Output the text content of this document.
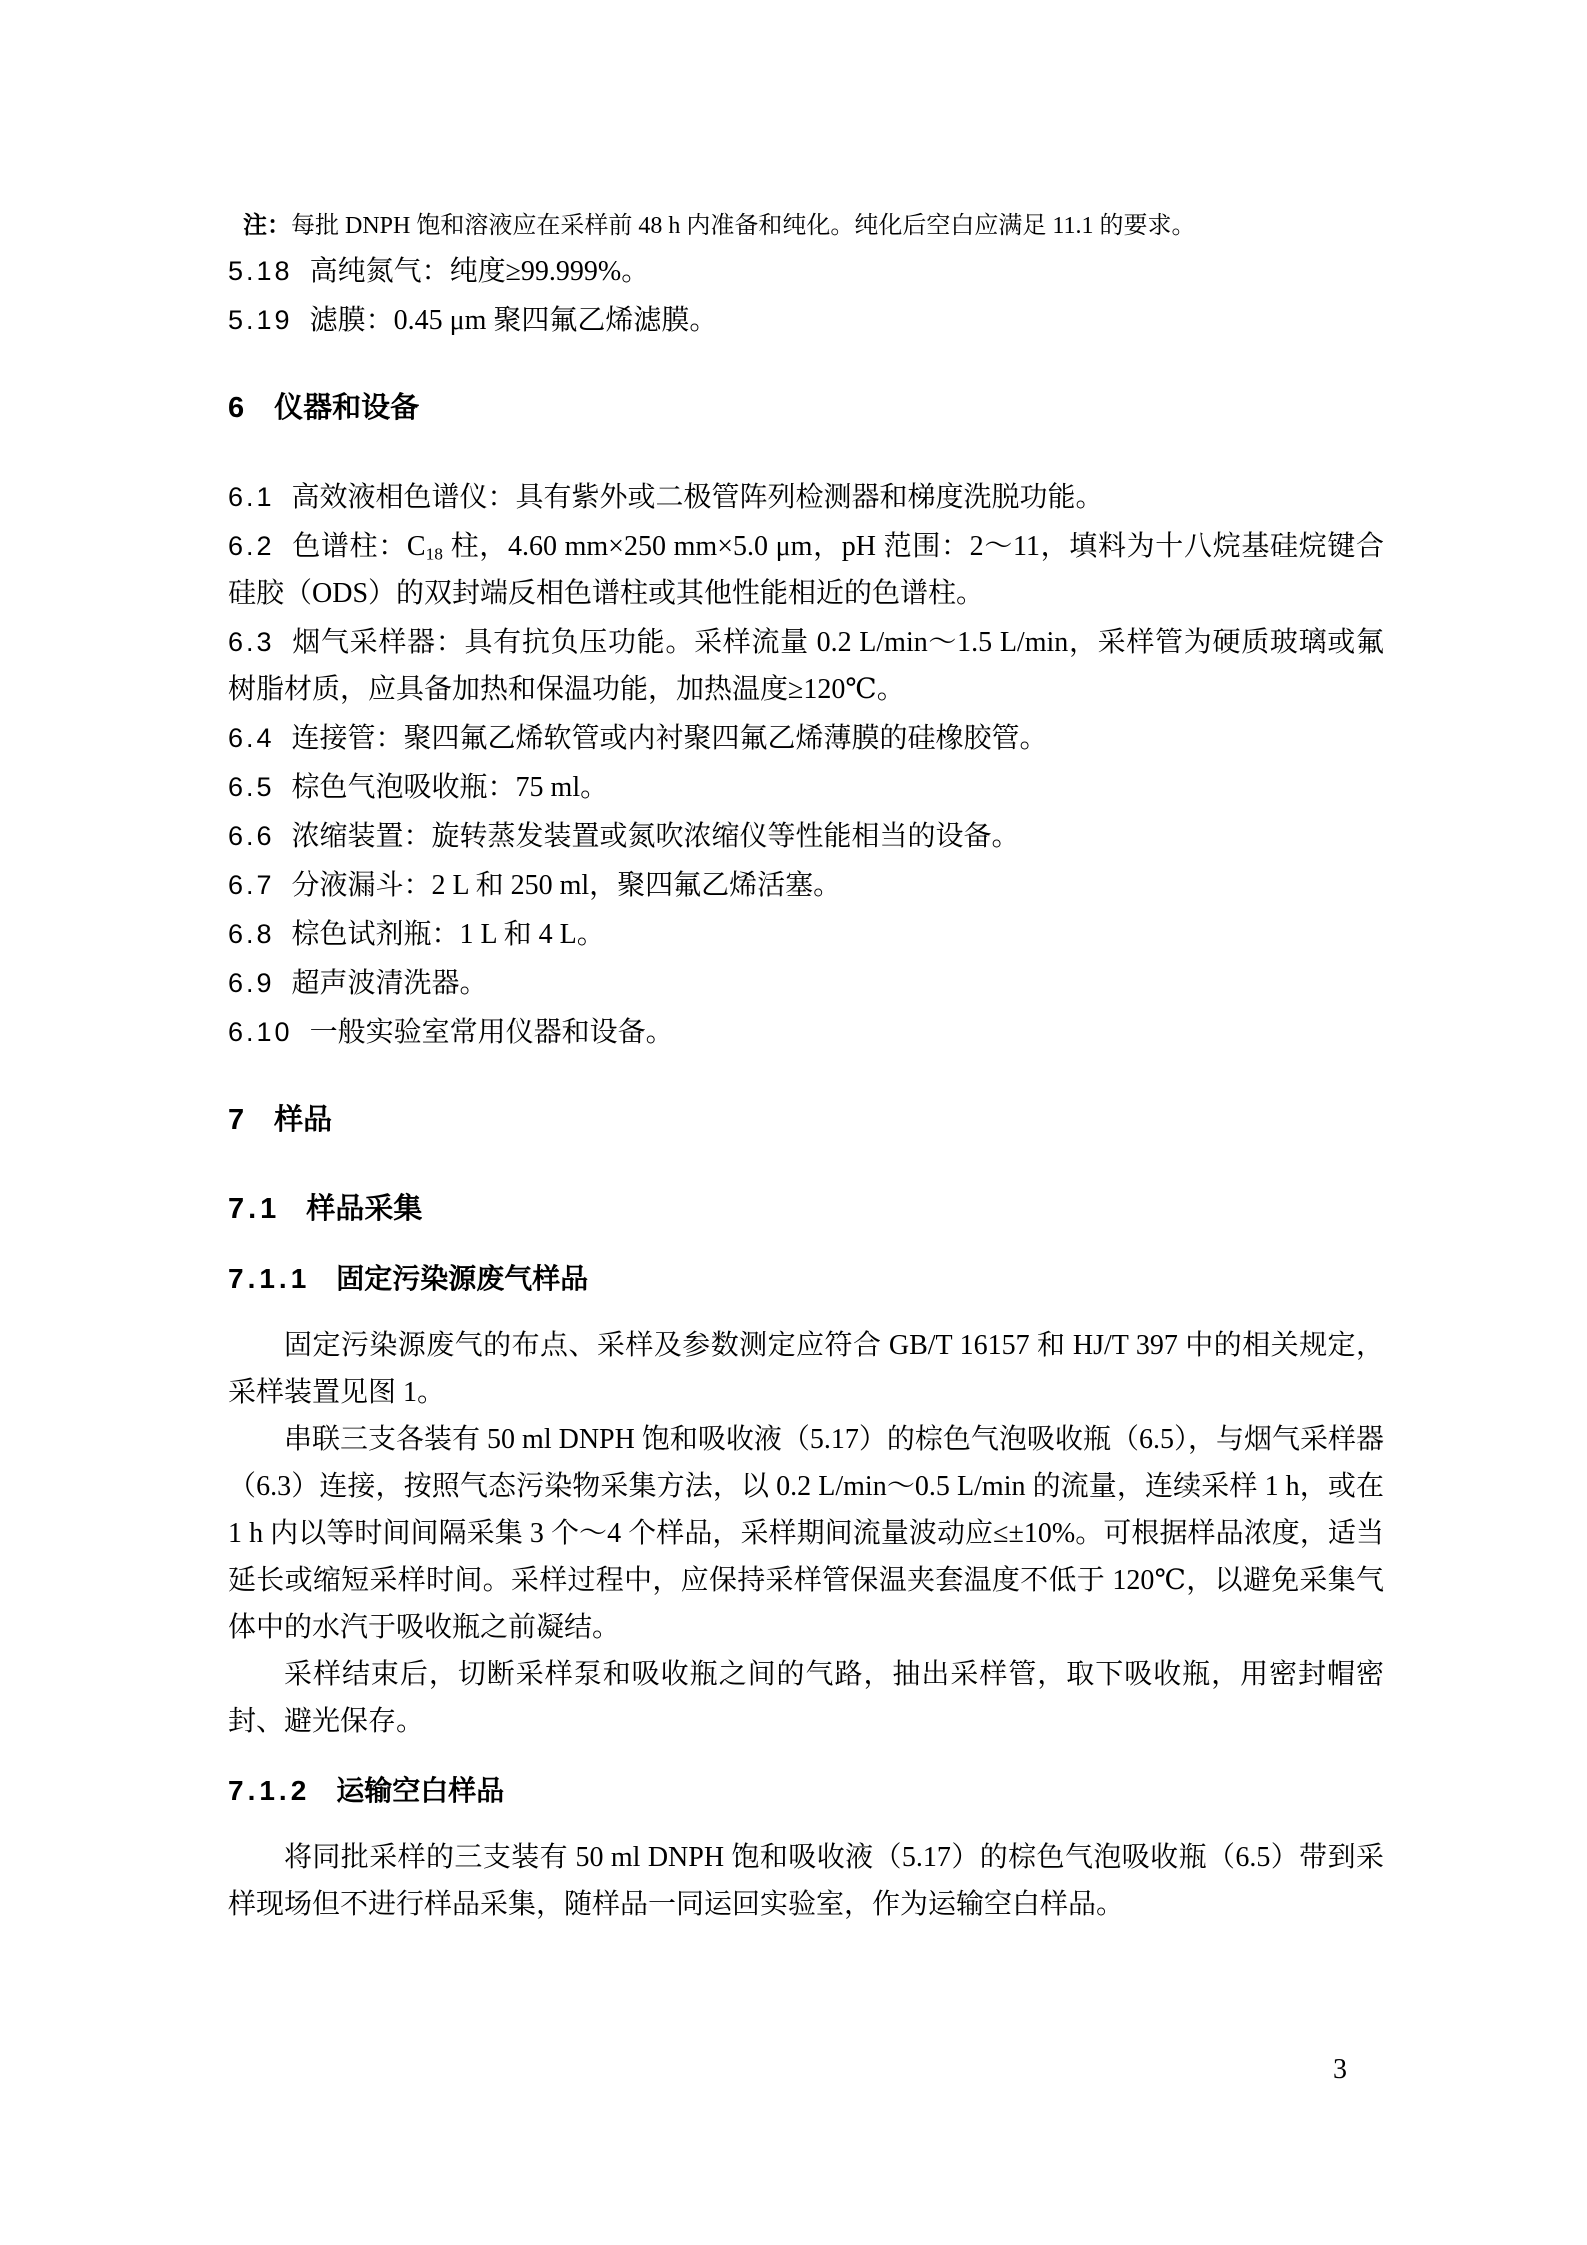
注：每批 DNPH 饱和溶液应在采样前 48 h 内准备和纯化。纯化后空白应满足 11.1 的要求。

5.18 高纯氮气：纯度≥99.999%。

5.19 滤膜：0.45 μm 聚四氟乙烯滤膜。

6 仪器和设备

6.1 高效液相色谱仪：具有紫外或二极管阵列检测器和梯度洗脱功能。

6.2 色谱柱：$C_{18}$ 柱，4.60 mm×250 mm×5.0 μm，pH 范围：2～11，填料为十八烷基硅烷键合硅胶（ODS）的双封端反相色谱柱或其他性能相近的色谱柱。

6.3 烟气采样器：具有抗负压功能。采样流量 0.2 L/min～1.5 L/min，采样管为硬质玻璃或氟树脂材质，应具备加热和保温功能，加热温度≥120℃。

6.4 连接管：聚四氟乙烯软管或内衬聚四氟乙烯薄膜的硅橡胶管。

6.5 棕色气泡吸收瓶：75 ml。

6.6 浓缩装置：旋转蒸发装置或氮吹浓缩仪等性能相当的设备。

6.7 分液漏斗：2 L 和 250 ml，聚四氟乙烯活塞。

6.8 棕色试剂瓶：1 L 和 4 L。

6.9 超声波清洗器。

6.10 一般实验室常用仪器和设备。

7 样品
7.1 样品采集
7.1.1 固定污染源废气样品

固定污染源废气的布点、采样及参数测定应符合 GB/T 16157 和 HJ/T 397 中的相关规定，采样装置见图 1。

串联三支各装有 50 ml DNPH 饱和吸收液（5.17）的棕色气泡吸收瓶（6.5），与烟气采样器（6.3）连接，按照气态污染物采集方法，以 0.2 L/min～0.5 L/min 的流量，连续采样 1 h，或在 1 h 内以等时间间隔采集 3 个～4 个样品，采样期间流量波动应≤±10%。可根据样品浓度，适当延长或缩短采样时间。采样过程中，应保持采样管保温夹套温度不低于 120℃，以避免采集气体中的水汽于吸收瓶之前凝结。

采样结束后，切断采样泵和吸收瓶之间的气路，抽出采样管，取下吸收瓶，用密封帽密封、避光保存。

7.1.2 运输空白样品

将同批采样的三支装有 50 ml DNPH 饱和吸收液（5.17）的棕色气泡吸收瓶（6.5）带到采样现场但不进行样品采集，随样品一同运回实验室，作为运输空白样品。

3
